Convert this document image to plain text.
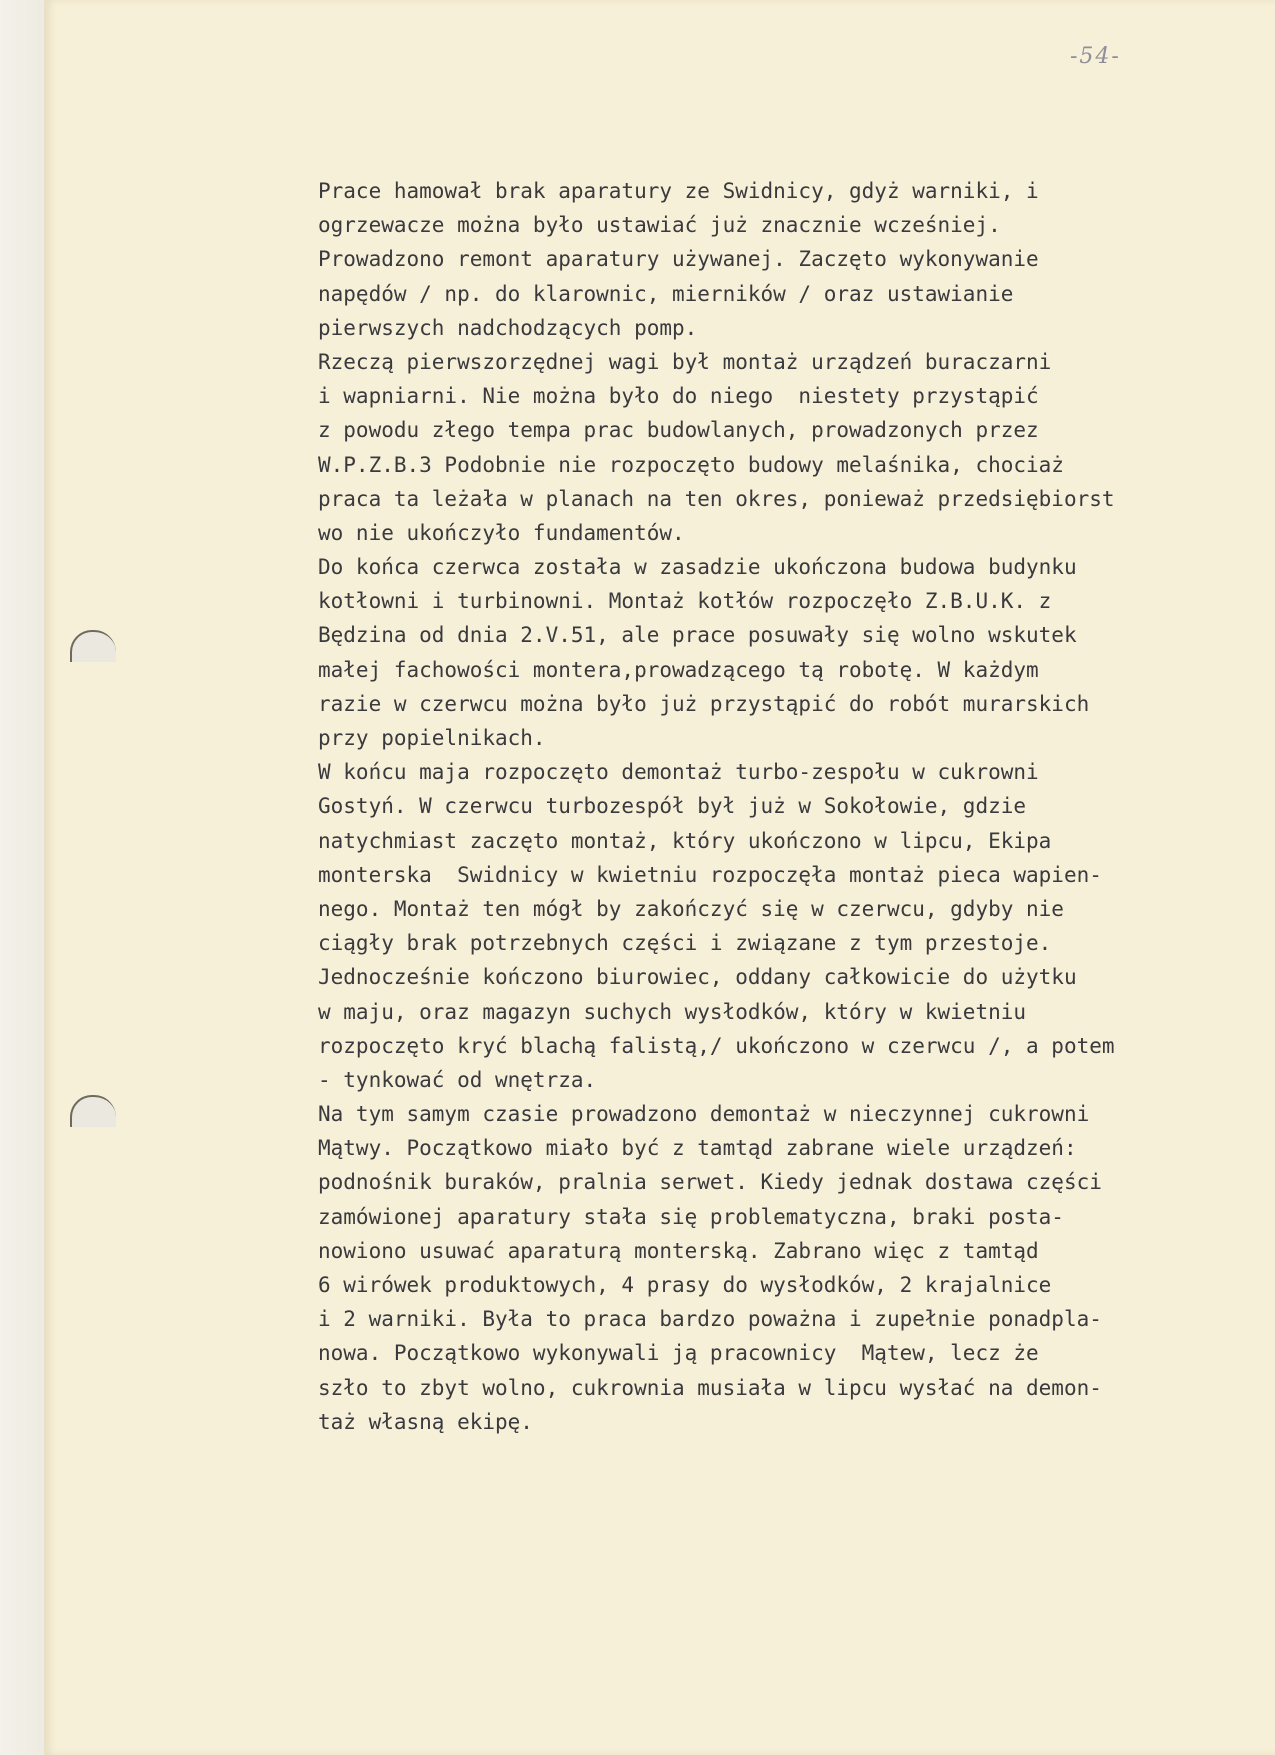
-54-
Prace hamował brak aparatury ze Swidnicy, gdyż warniki, i
ogrzewacze można było ustawiać już znacznie wcześniej.
Prowadzono remont aparatury używanej. Zaczęto wykonywanie
napędów / np. do klarownic, mierników / oraz ustawianie
pierwszych nadchodzących pomp.
Rzeczą pierwszorzędnej wagi był montaż urządzeń buraczarni
i wapniarni. Nie można było do niego  niestety przystąpić
z powodu złego tempa prac budowlanych, prowadzonych przez
W.P.Z.B.3 Podobnie nie rozpoczęto budowy melaśnika, chociaż
praca ta leżała w planach na ten okres, ponieważ przedsiębiorst
wo nie ukończyło fundamentów.
Do końca czerwca została w zasadzie ukończona budowa budynku
kotłowni i turbinowni. Montaż kotłów rozpoczęło Z.B.U.K. z
Będzina od dnia 2.V.51, ale prace posuwały się wolno wskutek
małej fachowości montera,prowadzącego tą robotę. W każdym
razie w czerwcu można było już przystąpić do robót murarskich
przy popielnikach.
W końcu maja rozpoczęto demontaż turbo-zespołu w cukrowni
Gostyń. W czerwcu turbozespół był już w Sokołowie, gdzie
natychmiast zaczęto montaż, który ukończono w lipcu, Ekipa
monterska  Swidnicy w kwietniu rozpoczęła montaż pieca wapien-
nego. Montaż ten mógł by zakończyć się w czerwcu, gdyby nie
ciągły brak potrzebnych części i związane z tym przestoje.
Jednocześnie kończono biurowiec, oddany całkowicie do użytku
w maju, oraz magazyn suchych wysłodków, który w kwietniu
rozpoczęto kryć blachą falistą,/ ukończono w czerwcu /, a potem
- tynkować od wnętrza.
Na tym samym czasie prowadzono demontaż w nieczynnej cukrowni
Mątwy. Początkowo miało być z tamtąd zabrane wiele urządzeń:
podnośnik buraków, pralnia serwet. Kiedy jednak dostawa części
zamówionej aparatury stała się problematyczna, braki posta-
nowiono usuwać aparaturą monterską. Zabrano więc z tamtąd
6 wirówek produktowych, 4 prasy do wysłodków, 2 krajalnice
i 2 warniki. Była to praca bardzo poważna i zupełnie ponadpla-
nowa. Początkowo wykonywali ją pracownicy  Mątew, lecz że
szło to zbyt wolno, cukrownia musiała w lipcu wysłać na demon-
taż własną ekipę.
